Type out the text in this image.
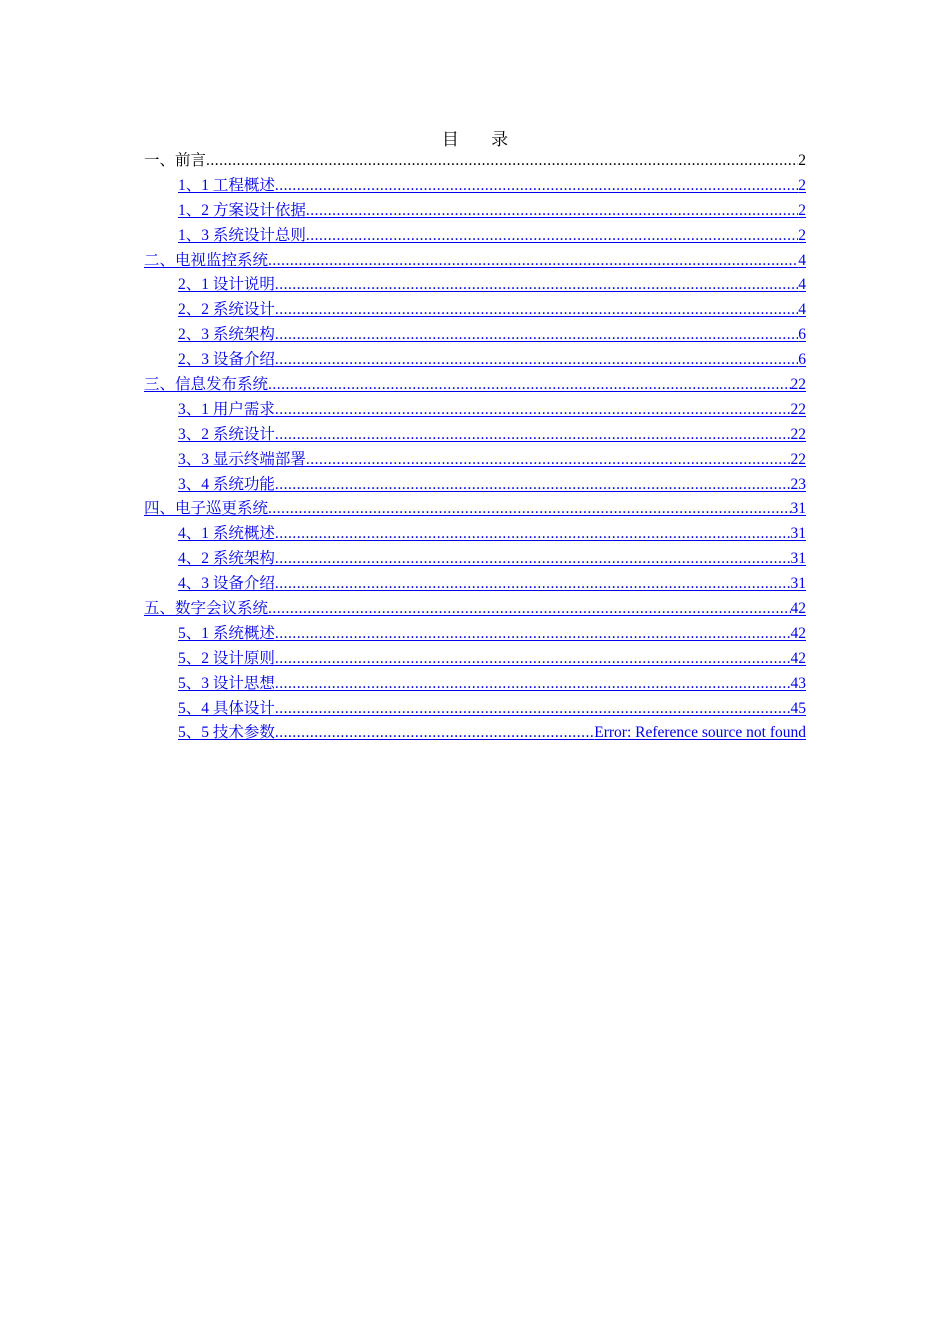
目 录
一、前言 .....	2
1、1 工程概述 .....	2
1、2 方案设计依据 .....	2
1、3 系统设计总则 .....	2
二、电视监控系统 .....	4
2、1 设计说明 .....	4
2、2 系统设计 .....	4
2、3 系统架构 .....	6
2、3 设备介绍 .....	6
三、信息发布系统 .....	22
3、1 用户需求 .....	22
3、2 系统设计 .....	22
3、3 显示终端部署 .....	22
3、4 系统功能 .....	23
四、电子巡更系统 .....	31
4、1 系统概述 .....	31
4、2 系统架构 .....	31
4、3 设备介绍 .....	31
五、数字会议系统 .....	42
5、1 系统概述 .....	42
5、2 设计原则 .....	42
5、3 设计思想 .....	43
5、4 具体设计 .....	45
5、5 技术参数 .....	Error: Reference source not found
